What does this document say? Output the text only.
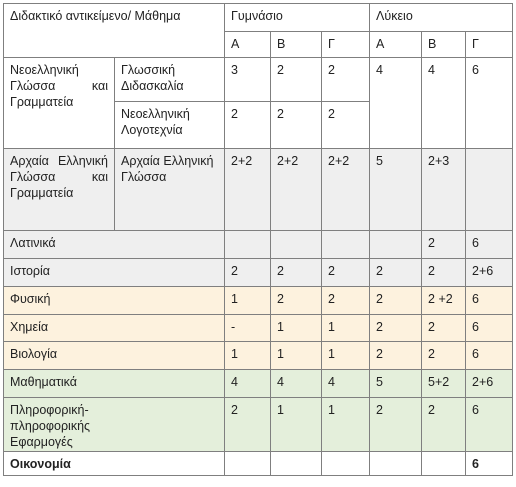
Διδακτικό αντικείμενο/ Μάθημα		Γυμνάσιο			Λύκειο		
		Α	Β	Γ	Α	Β	Γ
Νεοελληνική Γλώσσα και Γραμματεία	Γλωσσική Διδασκαλία	3	2	2	4	4	6
	Νεοελληνική Λογοτεχνία	2	2	2			
Αρχαία Ελληνική Γλώσσα και Γραμματεία	Αρχαία Ελληνική Γλώσσα	2+2	2+2	2+2	5	2+3	
Λατινικά						2	6
Ιστορία		2	2	2	2	2	2+6
Φυσική		1	2	2	2	2 +2	6
Χημεία		-	1	1	2	2	6
Βιολογία		1	1	1	2	2	6
Μαθηματικά		4	4	4	5	5+2	2+6

Πληροφορική-πληροφορικής Εφαρμογές		2	1	1	2	2	6
Οικονομία							6
